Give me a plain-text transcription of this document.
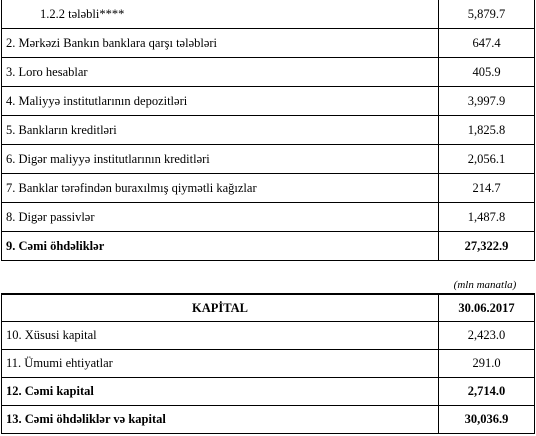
1.2.2 tələbli****	5,879.7
2. Mərkəzi Bankın banklara qarşı tələbləri	647.4
3. Loro hesablar	405.9
4. Maliyyə institutlarının depozitləri	3,997.9
5. Bankların kreditləri	1,825.8
6. Digər maliyyə institutlarının kreditləri	2,056.1
7. Banklar tərəfindən buraxılmış qiymətli kağızlar	214.7
8. Digər passivlər	1,487.8
9. Cəmi öhdəliklər	27,322.9
(mln manatla)
KAPİTAL	30.06.2017
10. Xüsusi kapital	2,423.0
11. Ümumi ehtiyatlar	291.0
12. Cəmi kapital	2,714.0
13. Cəmi öhdəliklər və kapital	30,036.9
